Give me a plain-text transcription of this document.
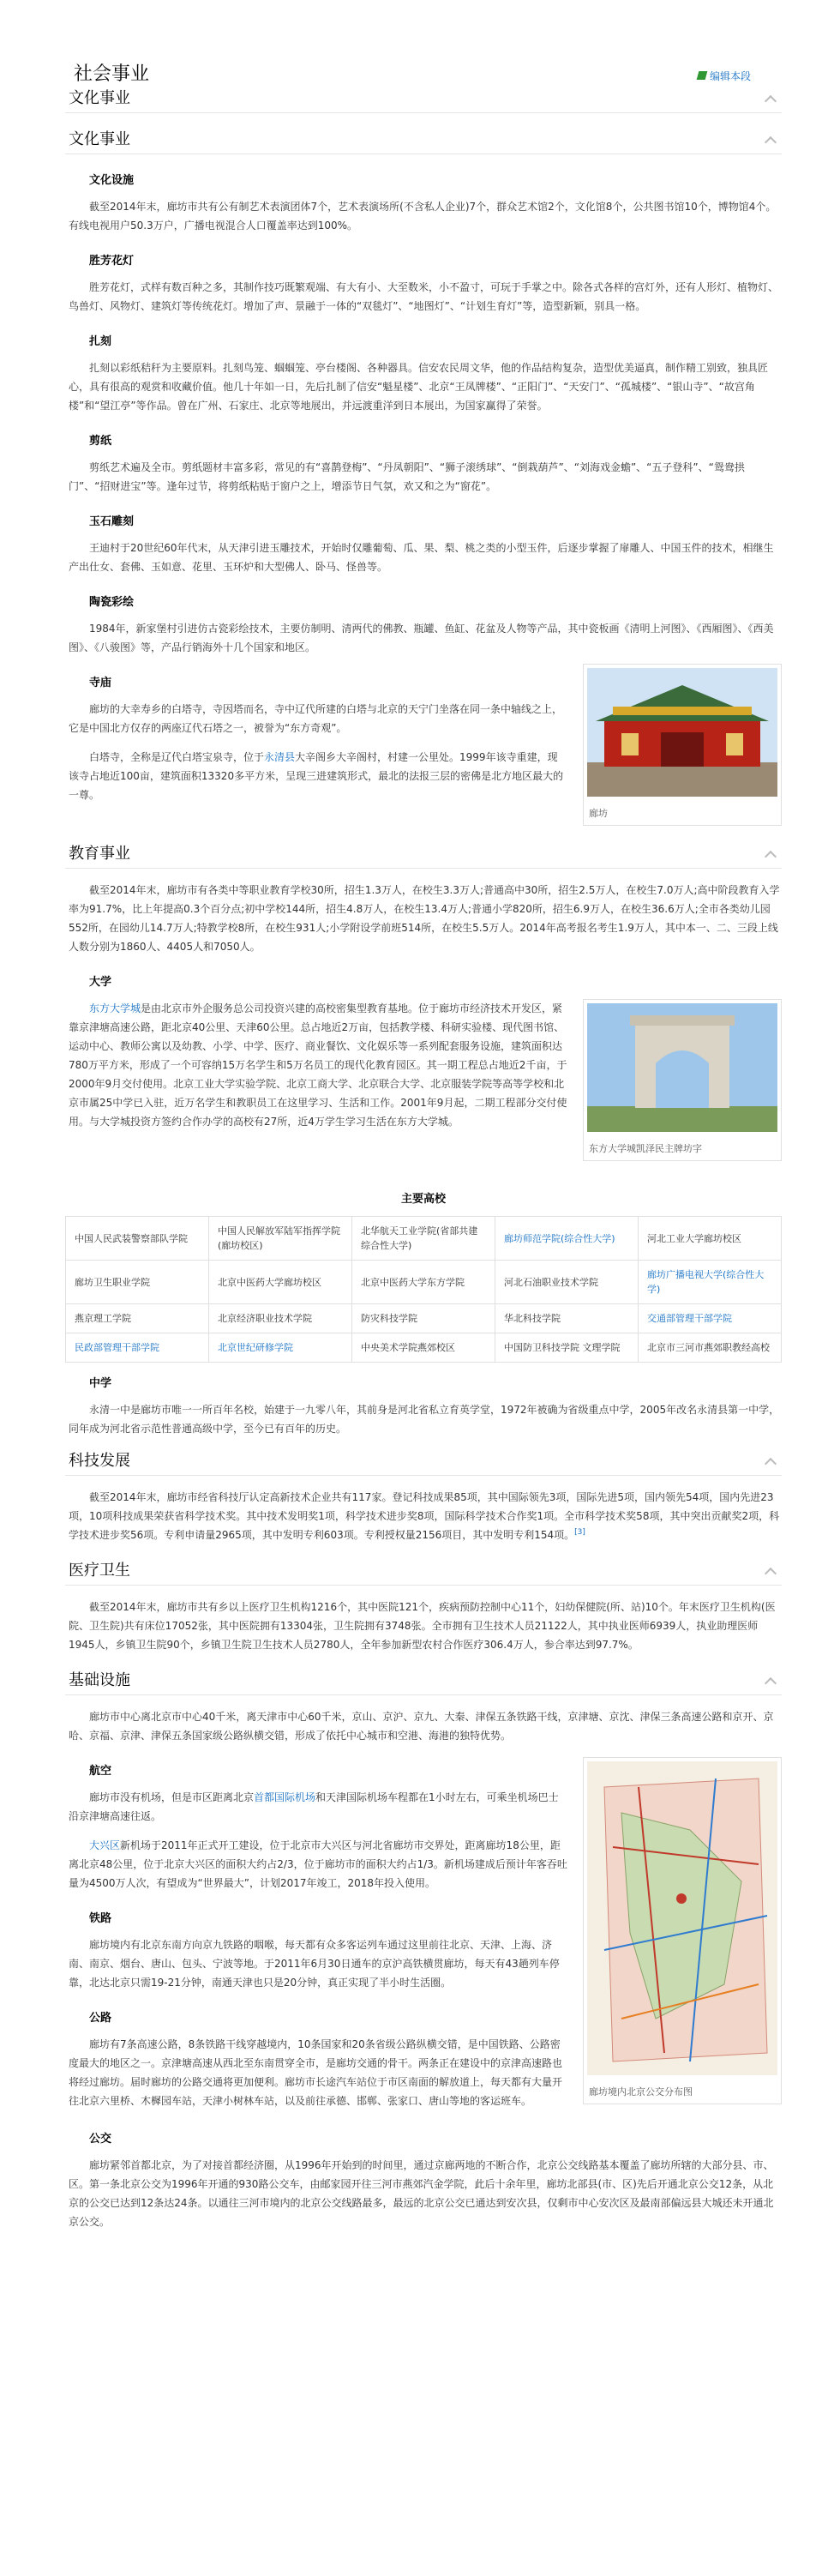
社会事业	编辑本段
文化事业
文化事业
文化设施
截至2014年末，廊坊市共有公有制艺术表演团体7个，艺术表演场所(不含私人企业)7个，群众艺术馆2个，文化馆8个，公共图书馆10个，博物馆4个。有线电视用户50.3万户，广播电视混合人口覆盖率达到100%。
胜芳花灯
胜芳花灯，式样有数百种之多，其制作技巧既繁观端、有大有小、大至数米，小不盈寸，可玩于手掌之中。除各式各样的宫灯外，还有人形灯、植物灯、鸟兽灯、风物灯、建筑灯等传统花灯。增加了声、景融于一体的“双毯灯”、“地图灯”、“计划生育灯”等，造型新颖，别具一格。
扎刻
扎刻以彩纸秸秆为主要原料。扎刻鸟笼、蝈蝈笼、亭台楼阁、各种器具。信安农民周文华，他的作品结构复杂，造型优美逼真，制作精工别致，独具匠心，具有很高的观赏和收藏价值。他几十年如一日，先后扎制了信安“魁星楼”、北京“王凤牌楼”、“正阳门”、“天安门”、“孤城楼”、“银山寺”、“故宫角楼”和“望江亭”等作品。曾在广州、石家庄、北京等地展出，并远渡重洋到日本展出，为国家赢得了荣誉。
剪纸
剪纸艺术遍及全市。剪纸题材丰富多彩，常见的有“喜鹊登梅”、“丹凤朝阳”、“狮子滚绣球”、“倒栽葫芦”、“刘海戏金蟾”、“五子登科”、“鸳鸯拱门”、“招财进宝”等。逢年过节，将剪纸粘贴于窗户之上，增添节日气氛，欢又和之为“窗花”。
玉石雕刻
王迪村于20世纪60年代末，从天津引进玉雕技术，开始时仅雕葡萄、瓜、果、梨、桃之类的小型玉件，后逐步掌握了扉雕人、中国玉件的技术，相继生产出仕女、套佛、玉如意、花里、玉环炉和大型佛人、卧马、怪兽等。
陶瓷彩绘
1984年，新家堡村引进仿古瓷彩绘技术，主要仿制明、清两代的佛教、瓶罐、鱼缸、花盆及人物等产品，其中瓷板画《清明上河图》、《西厢图》、《西美图》、《八骏图》等，产品行销海外十几个国家和地区。
廊坊
寺庙
廊坊的大幸寿乡的白塔寺，寺因塔而名，寺中辽代所建的白塔与北京的天宁门坐落在同一条中轴线之上，它是中国北方仅存的两座辽代石塔之一，被誉为“东方奇观”。
白塔寺，全称是辽代白塔宝泉寺，位于永清县大辛阁乡大辛阁村，村建一公里处。1999年该寺重建，现该寺占地近100亩，建筑面积13320多平方米，呈现三进建筑形式，最北的法报三层的密佛是北方地区最大的一尊。
教育事业
截至2014年末，廊坊市有各类中等职业教育学校30所，招生1.3万人，在校生3.3万人;普通高中30所，招生2.5万人，在校生7.0万人;高中阶段教育入学率为91.7%，比上年提高0.3个百分点;初中学校144所，招生4.8万人，在校生13.4万人;普通小学820所，招生6.9万人，在校生36.6万人;全市各类幼儿园552所，在园幼儿14.7万人;特教学校8所，在校生931人;小学附设学前班514所，在校生5.5万人。2014年高考报名考生1.9万人，其中本一、二、三段上线人数分别为1860人、4405人和7050人。
大学
东方大学城凯泽民主牌坊字
东方大学城是由北京市外企服务总公司投资兴建的高校密集型教育基地。位于廊坊市经济技术开发区，紧靠京津塘高速公路，距北京40公里、天津60公里。总占地近2万亩，包括教学楼、科研实验楼、现代图书馆、运动中心、教师公寓以及幼教、小学、中学、医疗、商业餐饮、文化娱乐等一系列配套服务设施，建筑面积达780万平方米，形成了一个可容纳15万名学生和5万名员工的现代化教育园区。其一期工程总占地近2千亩，于2000年9月交付使用。北京工业大学实验学院、北京工商大学、北京联合大学、北京服装学院等高等学校和北京市属25中学已入驻，近万名学生和教职员工在这里学习、生活和工作。2001年9月起，二期工程部分交付使用。与大学城投资方签约合作办学的高校有27所，近4万学生学习生活在东方大学城。
主要高校
中国人民武装警察部队学院	中国人民解放军陆军指挥学院(廊坊校区)	北华航天工业学院(省部共建综合性大学)	廊坊师范学院(综合性大学)	河北工业大学廊坊校区
廊坊卫生职业学院	北京中医药大学廊坊校区	北京中医药大学东方学院	河北石油职业技术学院	廊坊广播电视大学(综合性大学)
燕京理工学院	北京经济职业技术学院	防灾科技学院	华北科技学院	交通部管理干部学院
民政部管理干部学院	北京世纪研修学院	中央美术学院燕郊校区	中国防卫科技学院 文理学院	北京市三河市燕郊职教经高校
中学
永清一中是廊坊市唯一一所百年名校，始建于一九零八年，其前身是河北省私立育英学堂，1972年被确为省级重点中学，2005年改名永清县第一中学，同年成为河北省示范性普通高级中学，至今已有百年的历史。
科技发展
截至2014年末，廊坊市经省科技厅认定高新技术企业共有117家。登记科技成果85项，其中国际领先3项，国际先进5项，国内领先54项，国内先进23项，10项科技成果荣获省科学技术奖。其中技术发明奖1项，科学技术进步奖8项，国际科学技术合作奖1项。全市科学技术奖58项，其中突出贡献奖2项，科学技术进步奖56项。专利申请量2965项，其中发明专利603项。专利授权量2156项目，其中发明专利154项。[3]
医疗卫生
截至2014年末，廊坊市共有乡以上医疗卫生机构1216个，其中医院121个，疾病预防控制中心11个，妇幼保健院(所、站)10个。年末医疗卫生机构(医院、卫生院)共有床位17052张，其中医院拥有13304张，卫生院拥有3748张。全市拥有卫生技术人员21122人，其中执业医师6939人，执业助理医师1945人，乡镇卫生院90个，乡镇卫生院卫生技术人员2780人，全年参加新型农村合作医疗306.4万人，参合率达到97.7%。
基础设施
廊坊市中心离北京市中心40千米，离天津市中心60千米，京山、京沪、京九、大秦、津保五条铁路干线，京津塘、京沈、津保三条高速公路和京开、京哈、京福、京津、津保五条国家级公路纵横交错，形成了依托中心城市和空港、海港的独特优势。
廊坊境内北京公交分布图
航空
廊坊市没有机场，但是市区距离北京首都国际机场和天津国际机场车程都在1小时左右，可乘坐机场巴士沿京津塘高速往返。
大兴区新机场于2011年正式开工建设，位于北京市大兴区与河北省廊坊市交界处，距离廊坊18公里，距离北京48公里，位于北京大兴区的面积大约占2/3，位于廊坊市的面积大约占1/3。新机场建成后预计年客吞吐量为4500万人次，有望成为“世界最大”，计划2017年竣工，2018年投入使用。
铁路
廊坊境内有北京东南方向京九铁路的咽喉，每天都有众多客运列车通过这里前往北京、天津、上海、济南、南京、烟台、唐山、包头、宁波等地。于2011年6月30日通车的京沪高铁横贯廊坊，每天有43趟列车停靠，北达北京只需19-21分钟，南通天津也只是20分钟，真正实现了半小时生活圈。
公路
廊坊有7条高速公路，8条铁路干线穿越境内，10条国家和20条省级公路纵横交错，是中国铁路、公路密度最大的地区之一。京津塘高速从西北至东南贯穿全市，是廊坊交通的骨干。两条正在建设中的京津高速路也将经过廊坊。届时廊坊的公路交通将更加便利。廊坊市长途汽车站位于市区南面的解放道上，每天都有大量开往北京六里桥、木樨园车站，天津小树林车站，以及前往承德、邯郸、张家口、唐山等地的客运班车。
公交
廊坊紧邻首都北京，为了对接首都经济圈，从1996年开始到的时间里，通过京廊两地的不断合作，北京公交线路基本覆盖了廊坊所辖的大部分县、市、区。第一条北京公交为1996年开通的930路公交车，由邮家园开往三河市燕郊汽金学院，此后十余年里，廊坊北部县(市、区)先后开通北京公交12条，从北京的公交已达到12条达24条。以通往三河市境内的北京公交线路最多，最远的北京公交已通达到安次县，仅剩市中心安次区及最南部偏远县大城还未开通北京公交。
